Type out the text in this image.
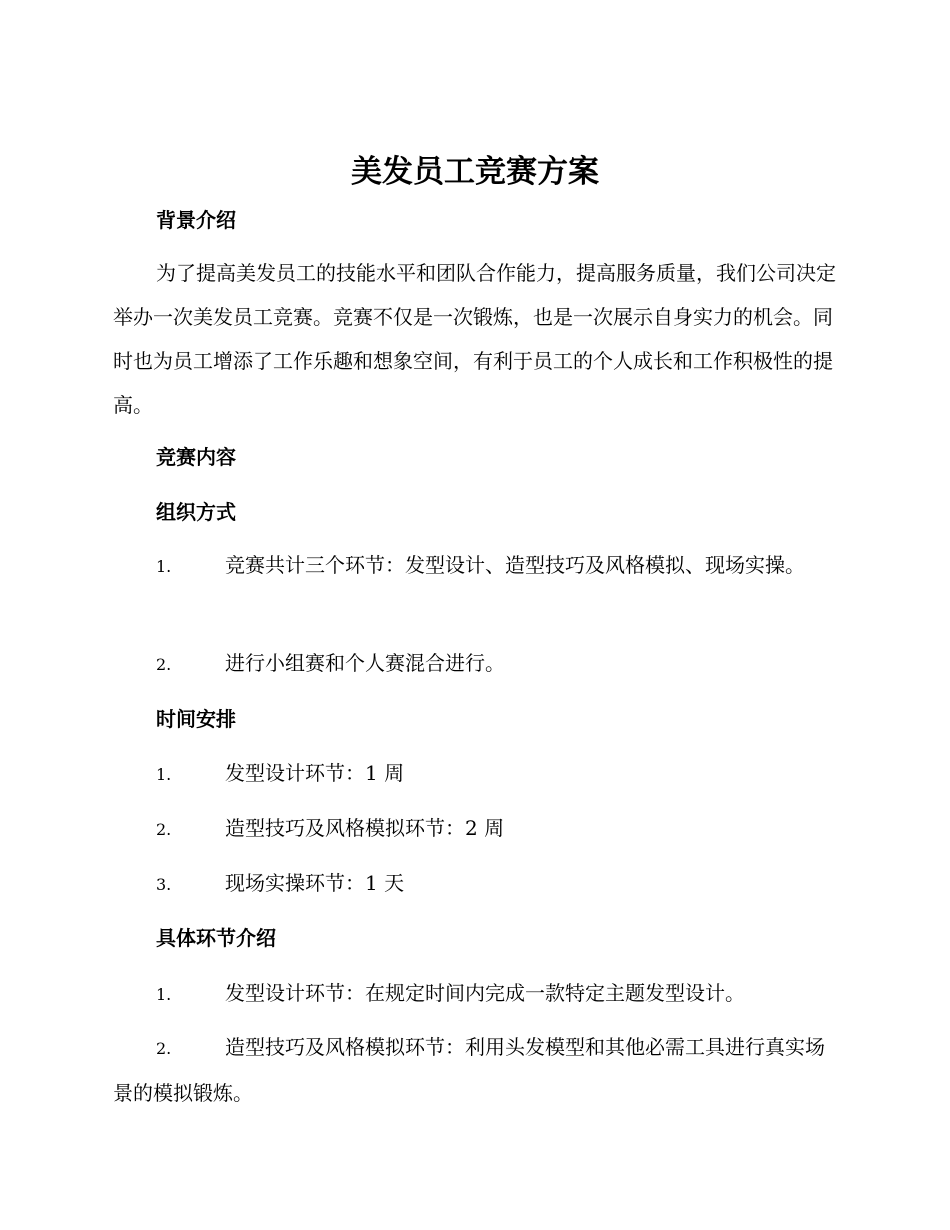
美发员工竞赛方案
背景介绍

为了提高美发员工的技能水平和团队合作能力，提高服务质量，我们公司决定举办一次美发员工竞赛。竞赛不仅是一次锻炼，也是一次展示自身实力的机会。同时也为员工增添了工作乐趣和想象空间，有利于员工的个人成长和工作积极性的提高。

竞赛内容
组织方式

1.	竞赛共计三个环节：发型设计、造型技巧及风格模拟、现场实操。

2.	进行小组赛和个人赛混合进行。

时间安排

1.	发型设计环节：1 周

2.	造型技巧及风格模拟环节：2 周

3.	现场实操环节：1 天

具体环节介绍

1.	发型设计环节：在规定时间内完成一款特定主题发型设计。

2.	造型技巧及风格模拟环节：利用头发模型和其他必需工具进行真实场景的模拟锻炼。
